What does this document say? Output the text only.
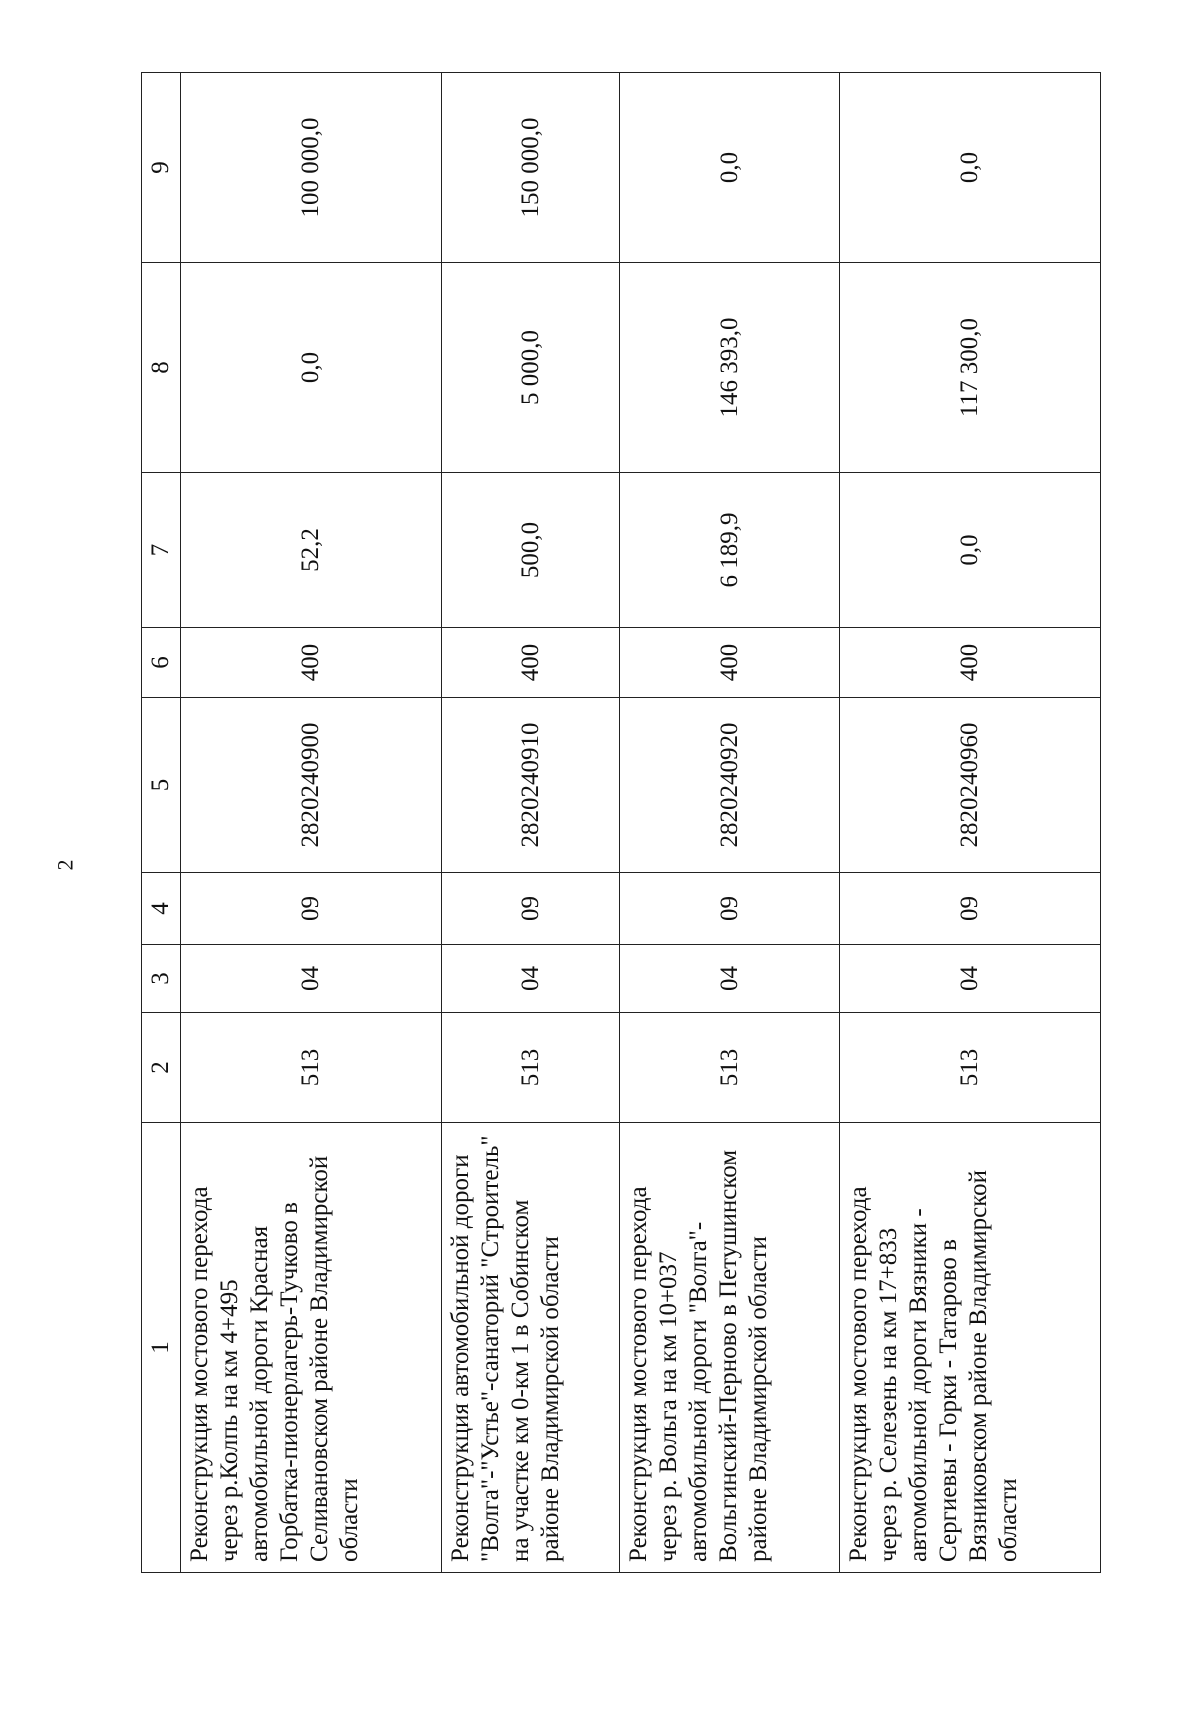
2
1	2	3	4	5	6	7	8	9
Реконструкция мостового перехода через р.Колпь на км 4+495 автомобильной дороги Красная Горбатка-пионерлагерь-Тучково в Селивановском районе Владимирской области	513	04	09	2820240900	400	52,2	0,0	100 000,0
Реконструкция автомобильной дороги "Волга"-"Устье"-санаторий "Строитель" на участке км 0-км 1 в Собинском районе Владимирской области	513	04	09	2820240910	400	500,0	5 000,0	150 000,0
Реконструкция мостового перехода через р. Вольга на км 10+037 автомобильной дороги "Волга"-Вольгинский-Перново в Петушинском районе Владимирской области	513	04	09	2820240920	400	6 189,9	146 393,0	0,0
Реконструкция мостового перехода через р. Селезень на км 17+833 автомобильной дороги Вязники - Сергиевы - Горки - Татарово в Вязниковском районе Владимирской области	513	04	09	2820240960	400	0,0	117 300,0	0,0
